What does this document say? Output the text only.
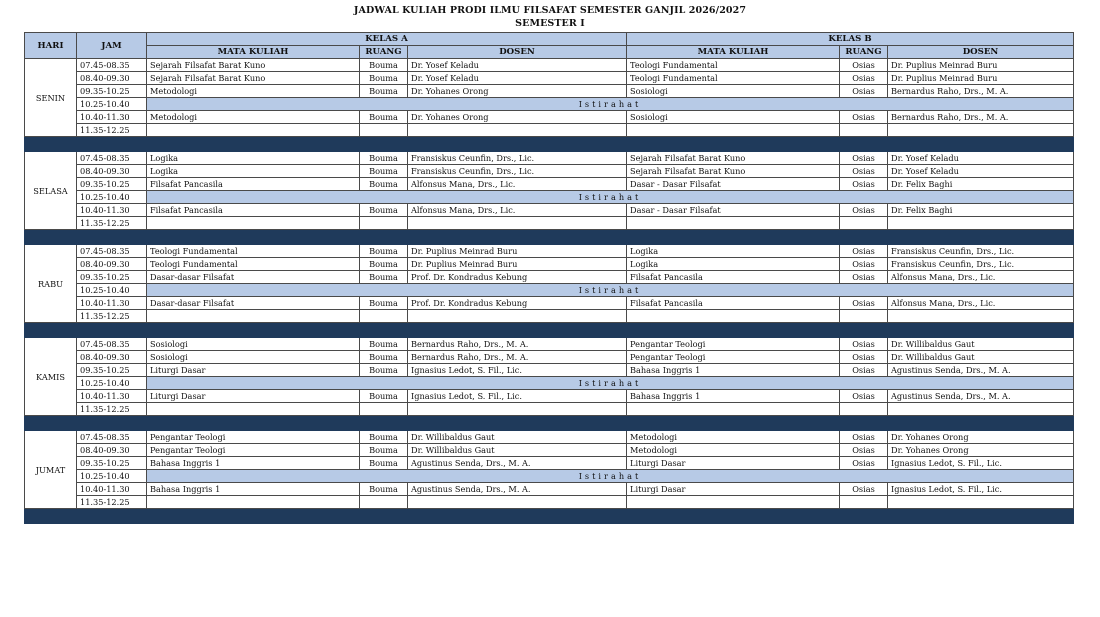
JADWAL KULIAH PRODI ILMU FILSAFAT SEMESTER GANJIL 2026/2027
SEMESTER I
HARI	JAM	KELAS A			KELAS B		
		MATA KULIAH	RUANG	DOSEN	MATA KULIAH	RUANG	DOSEN
SENIN	07.45-08.35	Sejarah Filsafat Barat Kuno	Bouma	Dr. Yosef Keladu	Teologi Fundamental	Osias	Dr. Puplius Meinrad Buru
	08.40-09.30	Sejarah Filsafat Barat Kuno	Bouma	Dr. Yosef Keladu	Teologi Fundamental	Osias	Dr. Puplius Meinrad Buru
	09.35-10.25	Metodologi	Bouma	Dr. Yohanes Orong	Sosiologi	Osias	Bernardus Raho, Drs., M. A.
	10.25-10.40	Istirahat					
	10.40-11.30	Metodologi	Bouma	Dr. Yohanes Orong	Sosiologi	Osias	Bernardus Raho, Drs., M. A.
	11.35-12.25						

SELASA	07.45-08.35	Logika	Bouma	Fransiskus Ceunfin, Drs., Lic.	Sejarah Filsafat Barat Kuno	Osias	Dr. Yosef Keladu
	08.40-09.30	Logika	Bouma	Fransiskus Ceunfin, Drs., Lic.	Sejarah Filsafat Barat Kuno	Osias	Dr. Yosef Keladu
	09.35-10.25	Filsafat Pancasila	Bouma	Alfonsus Mana, Drs., Lic.	Dasar - Dasar Filsafat	Osias	Dr. Felix Baghi
	10.25-10.40	Istirahat					
	10.40-11.30	Filsafat Pancasila	Bouma	Alfonsus Mana, Drs., Lic.	Dasar - Dasar Filsafat	Osias	Dr. Felix Baghi
	11.35-12.25						

RABU	07.45-08.35	Teologi Fundamental	Bouma	Dr. Puplius Meinrad Buru	Logika	Osias	Fransiskus Ceunfin, Drs., Lic.
	08.40-09.30	Teologi Fundamental	Bouma	Dr. Puplius Meinrad Buru	Logika	Osias	Fransiskus Ceunfin, Drs., Lic.
	09.35-10.25	Dasar-dasar Filsafat	Bouma	Prof. Dr. Kondradus Kebung	Filsafat Pancasila	Osias	Alfonsus Mana, Drs., Lic.
	10.25-10.40	Istirahat					
	10.40-11.30	Dasar-dasar Filsafat	Bouma	Prof. Dr. Kondradus Kebung	Filsafat Pancasila	Osias	Alfonsus Mana, Drs., Lic.
	11.35-12.25						

KAMIS	07.45-08.35	Sosiologi	Bouma	Bernardus Raho, Drs., M. A.	Pengantar Teologi	Osias	Dr. Willibaldus Gaut
	08.40-09.30	Sosiologi	Bouma	Bernardus Raho, Drs., M. A.	Pengantar Teologi	Osias	Dr. Willibaldus Gaut
	09.35-10.25	Liturgi Dasar	Bouma	Ignasius Ledot, S. Fil., Lic.	Bahasa Inggris 1	Osias	Agustinus Senda, Drs., M. A.
	10.25-10.40	Istirahat					
	10.40-11.30	Liturgi Dasar	Bouma	Ignasius Ledot, S. Fil., Lic.	Bahasa Inggris 1	Osias	Agustinus Senda, Drs., M. A.
	11.35-12.25						

JUMAT	07.45-08.35	Pengantar Teologi	Bouma	Dr. Willibaldus Gaut	Metodologi	Osias	Dr. Yohanes Orong
	08.40-09.30	Pengantar Teologi	Bouma	Dr. Willibaldus Gaut	Metodologi	Osias	Dr. Yohanes Orong
	09.35-10.25	Bahasa Inggris 1	Bouma	Agustinus Senda, Drs., M. A.	Liturgi Dasar	Osias	Ignasius Ledot, S. Fil., Lic.
	10.25-10.40	Istirahat					
	10.40-11.30	Bahasa Inggris 1	Bouma	Agustinus Senda, Drs., M. A.	Liturgi Dasar	Osias	Ignasius Ledot, S. Fil., Lic.
	11.35-12.25						
